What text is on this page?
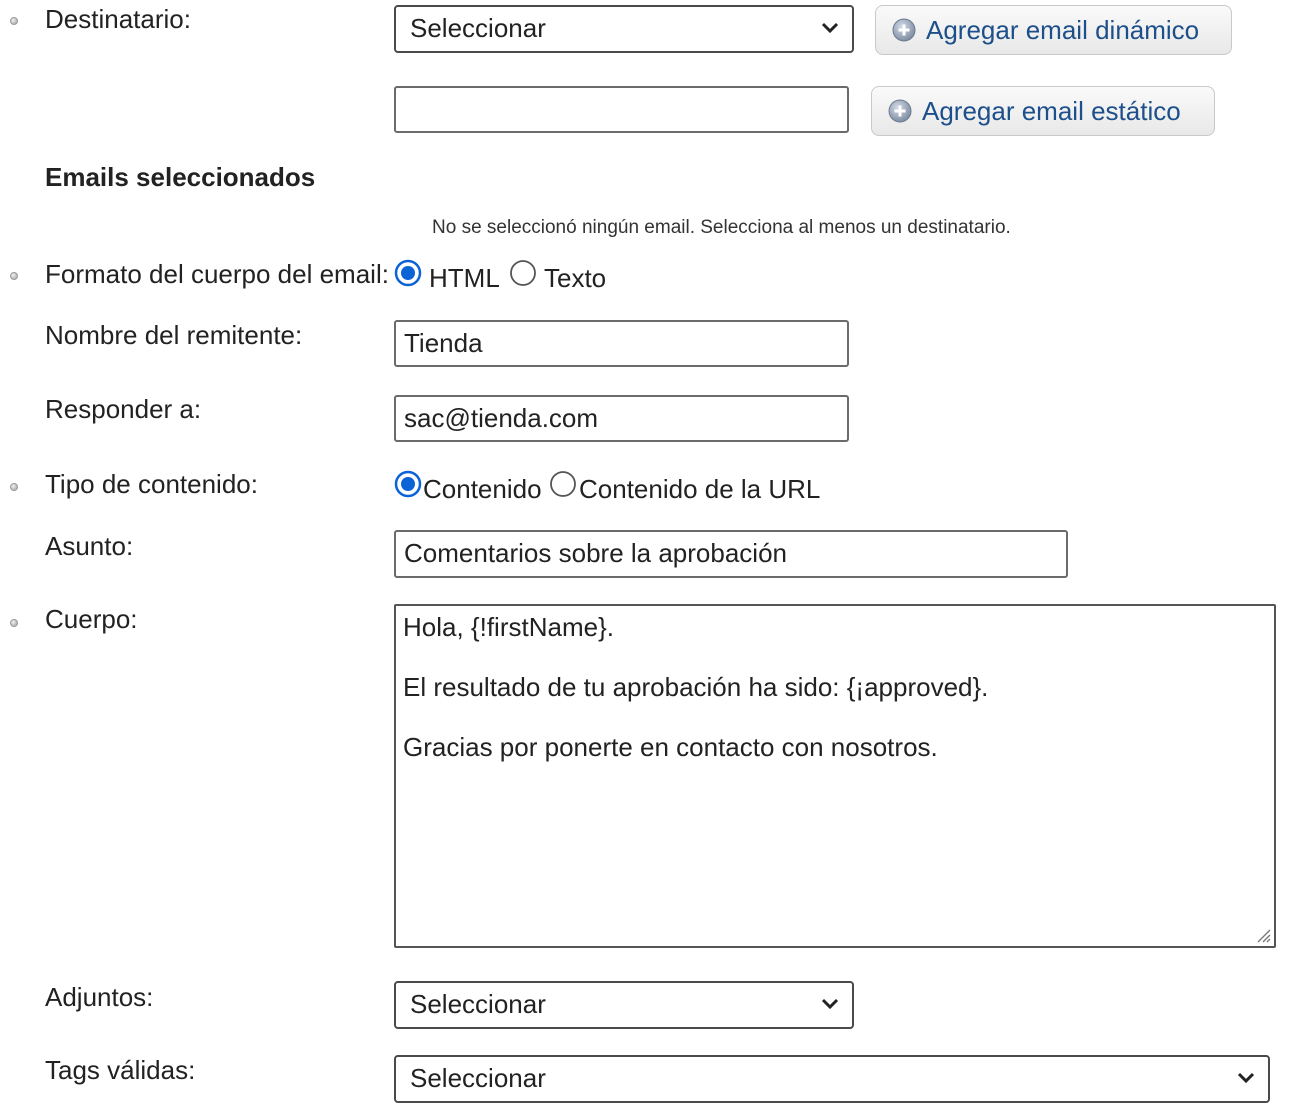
Destinatario:	Seleccionar	Agregar email dinámico
Agregar email estático
Emails seleccionados
No se seleccionó ningún email. Selecciona al menos un destinatario.
Formato del cuerpo del email: HTML Texto
Nombre del remitente:	Tienda
Responder a:	sac@tienda.com
Tipo de contenido:	Contenido Contenido de la URL
Asunto:	Comentarios sobre la aprobación
Cuerpo:	Hola, {!firstName}.

El resultado de tu aprobación ha sido: {¡approved}.

Gracias por ponerte en contacto con nosotros.

Adjuntos:	Seleccionar
Tags válidas:	Seleccionar
